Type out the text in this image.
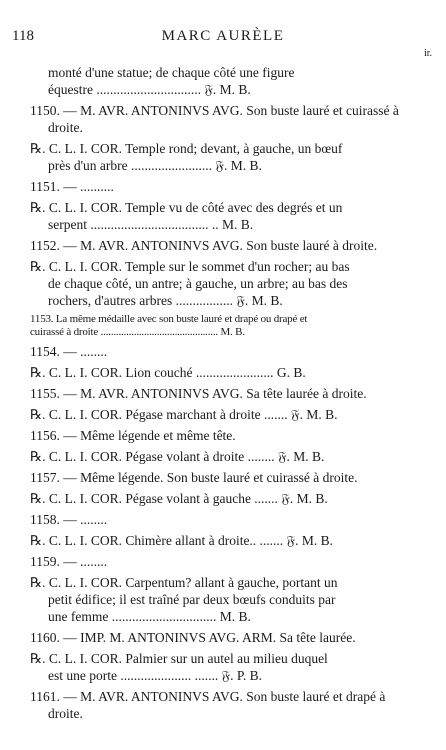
118	MARC AURÈLE
ir.
monté d'une statue; de chaque côté une figure
équestre ............................... 𝔉. M. B.
1150. — M. AVR. ANTONINVS AVG. Son buste lauré et cuirassé à
droite.
℞. C. L. I. COR. Temple rond; devant, à gauche, un bœuf
près d'un arbre ........................ 𝔉. M. B.
1151. — ..........
℞. C. L. I. COR. Temple vu de côté avec des degrés et un
serpent ................................... .. M. B.
1152. — M. AVR. ANTONINVS AVG. Son buste lauré à droite.
℞. C. L. I. COR. Temple sur le sommet d'un rocher; au bas
de chaque côté, un antre; à gauche, un arbre; au bas des
rochers, d'autres arbres ................. 𝔉. M. B.
1153. La même médaille avec son buste lauré et drapé ou drapé et
cuirassé à droite .............................................. M. B.
1154. — ........
℞. C. L. I. COR. Lion couché ....................... G. B.
1155. — M. AVR. ANTONINVS AVG. Sa tête laurée à droite.
℞. C. L. I. COR. Pégase marchant à droite ....... 𝔉. M. B.
1156. — Même légende et même tête.
℞. C. L. I. COR. Pégase volant à droite ........ 𝔉. M. B.
1157. — Même légende. Son buste lauré et cuirassé à droite.
℞. C. L. I. COR. Pégase volant à gauche ....... 𝔉. M. B.
1158. — ........
℞. C. L. I. COR. Chimère allant à droite.. ....... 𝔉. M. B.
1159. — ........
℞. C. L. I. COR. Carpentum? allant à gauche, portant un
petit édifice; il est traîné par deux bœufs conduits par
une femme ............................... M. B.
1160. — IMP. M. ANTONINVS AVG. ARM. Sa tête laurée.
℞. C. L. I. COR. Palmier sur un autel au milieu duquel
est une porte ..................... ....... 𝔉. P. B.
1161. — M. AVR. ANTONINVS AVG. Son buste lauré et drapé à
droite.
